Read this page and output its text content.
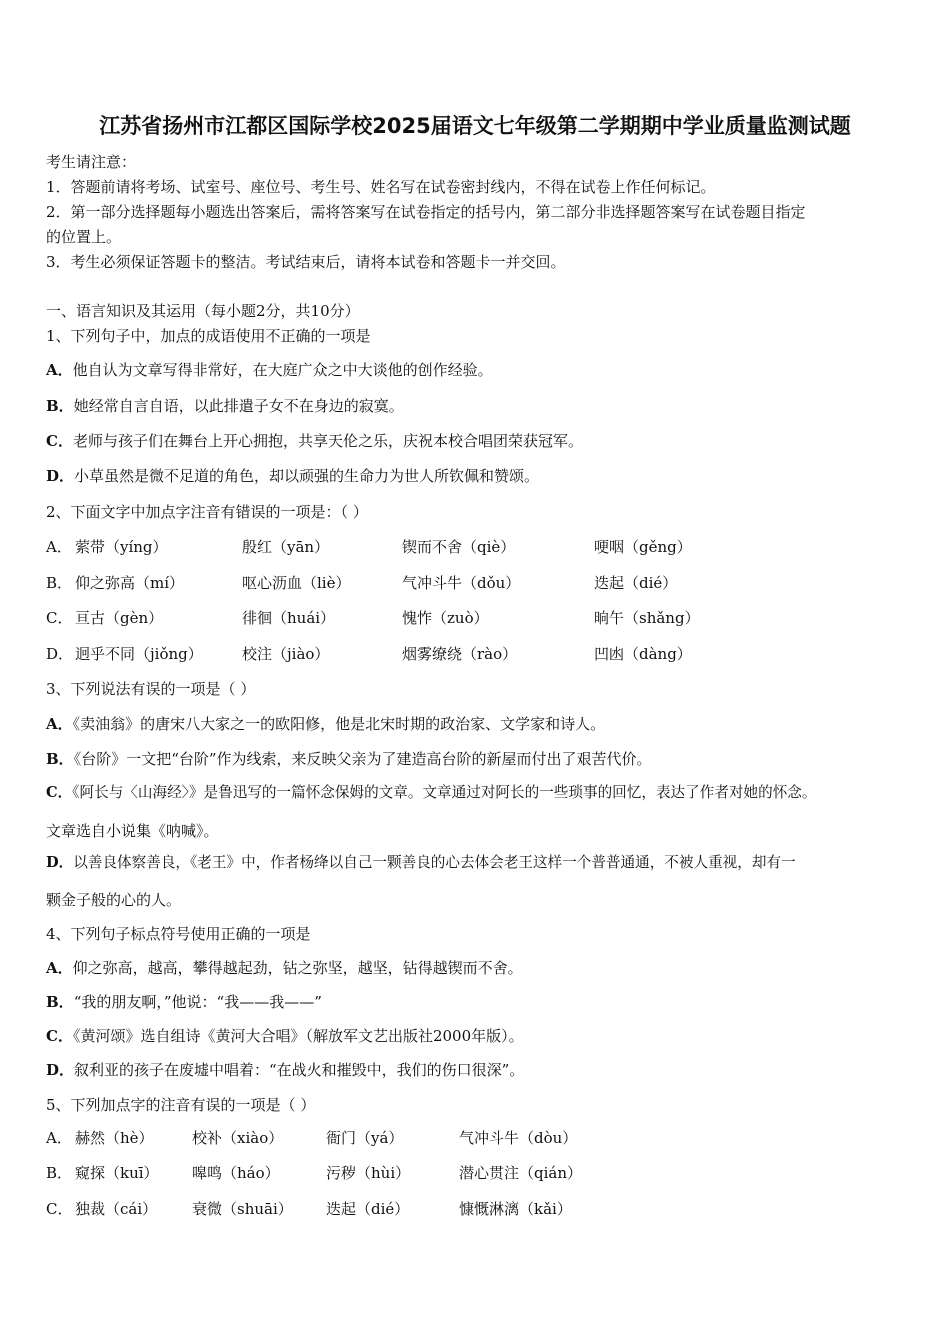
江苏省扬州市江都区国际学校2025届语文七年级第二学期期中学业质量监测试题
考生请注意：
1．答题前请将考场、试室号、座位号、考生号、姓名写在试卷密封线内，不得在试卷上作任何标记。
2．第一部分选择题每小题选出答案后，需将答案写在试卷指定的括号内，第二部分非选择题答案写在试卷题目指定
的位置上。
3．考生必须保证答题卡的整洁。考试结束后，请将本试卷和答题卡一并交回。
一、语言知识及其运用（每小题2分，共10分）
1、下列句子中，加点的成语使用不正确的一项是
A．他自认为文章写得非常好，在大庭广众之中大谈他的创作经验。
B．她经常自言自语，以此排遣子女不在身边的寂寞。
C．老师与孩子们在舞台上开心拥抱，共享天伦之乐，庆祝本校合唱团荣获冠军。
D．小草虽然是微不足道的角色，却以顽强的生命力为世人所钦佩和赞颂。
2、下面文字中加点字注音有错误的一项是：（ ）
A． 萦带（yíng）	殷红（yān）	锲而不舍（qiè）	哽咽（gěng）
B． 仰之弥高（mí）	呕心沥血（liè）	气冲斗牛（dǒu）	迭起（dié）
C． 亘古（gèn）	徘徊（huái）	愧怍（zuò）	晌午（shǎng）
D． 迥乎不同（jiǒng）	校注（jiào）	烟雾缭绕（rào）	凹凼（dàng）
3、下列说法有误的一项是（ ）
A．《卖油翁》的唐宋八大家之一的欧阳修，他是北宋时期的政治家、文学家和诗人。
B．《台阶》一文把“台阶”作为线索，来反映父亲为了建造高台阶的新屋而付出了艰苦代价。
C．《阿长与〈山海经〉》是鲁迅写的一篇怀念保姆的文章。文章通过对阿长的一些琐事的回忆，表达了作者对她的怀念。
文章选自小说集《呐喊》。
D．以善良体察善良，《老王》中，作者杨绛以自己一颗善良的心去体会老王这样一个普普通通，不被人重视，却有一
颗金子般的心的人。
4、下列句子标点符号使用正确的一项是
A．仰之弥高，越高，攀得越起劲，钻之弥坚，越坚，钻得越锲而不舍。
B．“我的朋友啊，”他说：“我——我——”
C．《黄河颂》选自组诗《黄河大合唱》（解放军文艺出版社2000年版）。
D．叙利亚的孩子在废墟中唱着：“在战火和摧毁中，我们的伤口很深”。
5、下列加点字的注音有误的一项是（ ）
A． 赫然（hè）	校补（xiào）	衙门（yá）	气冲斗牛（dòu）
B． 窥探（kuī） 嗥鸣（háo）	污秽（hùi）	潜心贯注（qián）
C． 独裁（cái） 衰微（shuāi） 迭起（dié）	慷慨淋漓（kǎi）
